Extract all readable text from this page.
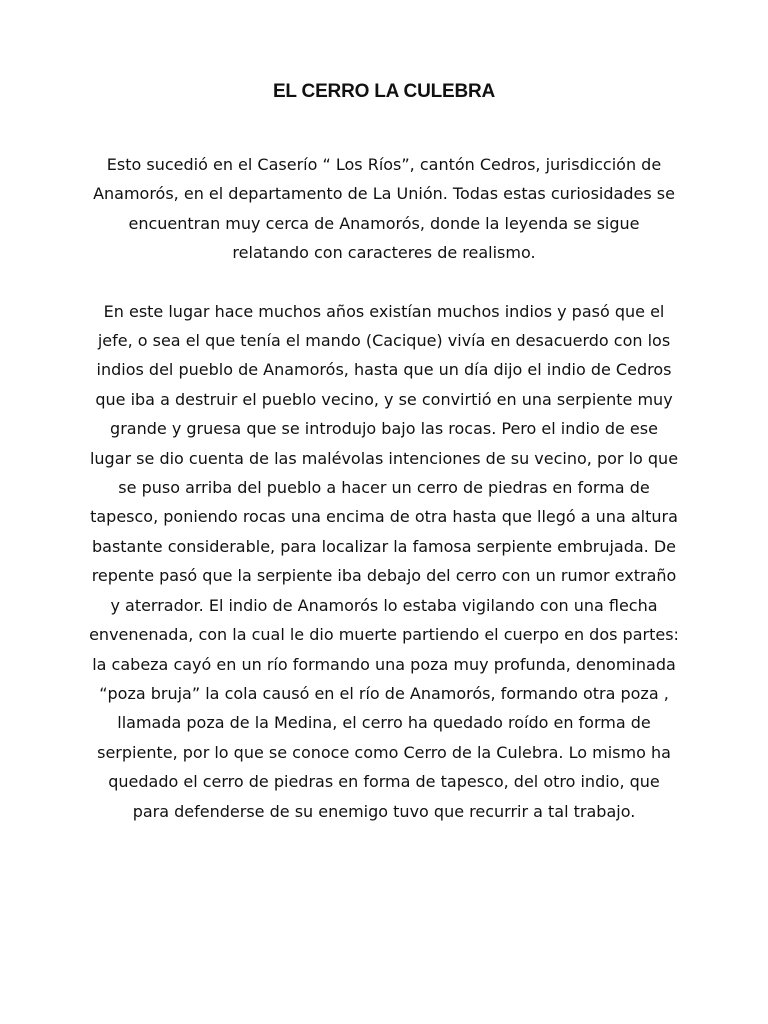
EL CERRO LA CULEBRA

Esto sucedió en el Caserío “ Los Ríos”, cantón Cedros, jurisdicción de Anamorós, en el departamento de La Unión. Todas estas curiosidades se encuentran muy cerca de Anamorós, donde la leyenda se sigue relatando con caracteres de realismo.

En este lugar hace muchos años existían muchos indios y pasó que el jefe, o sea el que tenía el mando (Cacique) vivía en desacuerdo con los indios del pueblo de Anamorós, hasta que un día dijo el indio de Cedros que iba a destruir el pueblo vecino, y se convirtió en una serpiente muy grande y gruesa que se introdujo bajo las rocas. Pero el indio de ese lugar se dio cuenta de las malévolas intenciones de su vecino, por lo que se puso arriba del pueblo a hacer un cerro de piedras en forma de tapesco, poniendo rocas una encima de otra hasta que llegó a una altura bastante considerable, para localizar la famosa serpiente embrujada. De repente pasó que la serpiente iba debajo del cerro con un rumor extraño y aterrador. El indio de Anamorós lo estaba vigilando con una flecha envenenada, con la cual le dio muerte partiendo el cuerpo en dos partes: la cabeza cayó en un río formando una poza muy profunda, denominada “poza bruja” la cola causó en el río de Anamorós, formando otra poza , llamada poza de la Medina, el cerro ha quedado roído en forma de serpiente, por lo que se conoce como Cerro de la Culebra. Lo mismo ha quedado el cerro de piedras en forma de tapesco, del otro indio, que para defenderse de su enemigo tuvo que recurrir a tal trabajo.
